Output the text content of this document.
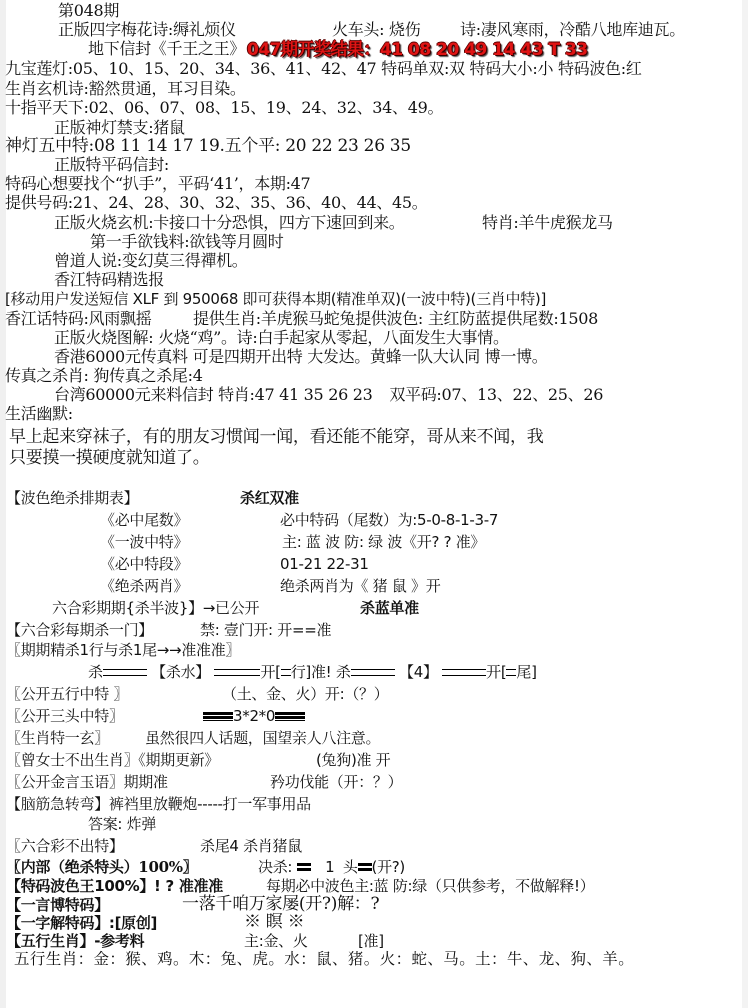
第048期
正版四字梅花诗:缛礼烦仪	火车头: 烧伤 诗:凄风寒雨，冷酷八地库迪瓦。
地下信封《千王之王》 047期开奖结果：41 08 20 49 14 43 T 33
九宝莲灯:05、10、15、20、34、36、41、42、47 特码单双:双 特码大小:小 特码波色:红
生肖玄机诗:豁然贯通，耳习目染。
十指平天下:02、06、07、08、15、19、24、32、34、49。
正版神灯禁支:猪鼠
神灯五中特:08 11 14 17 19.五个平: 20 22 23 26 35
正版特平码信封:
特码心想要找个“扒手”，平码‘41’，本期:47
提供号码:21、24、28、30、32、35、36、40、44、45。
正版火烧玄机:卡接口十分恐惧，四方下速回到来。	特肖:羊牛虎猴龙马
第一手欲钱料:欲钱等月圆时
曾道人说:变幻莫三得禪机。
香江特码精选报
[移动用户发送短信 XLF 到 950068 即可获得本期(精准单双)(一波中特)(三肖中特)]
香江话特码:风雨飘摇	提供生肖:羊虎猴马蛇兔提供波色: 主红防蓝提供尾数:1508
正版火烧图解: 火烧“鸡”。诗:白手起家从零起，八面发生大事情。
香港6000元传真料 可是四期开出特 大发达。黄蜂一队大认同 博一博。
传真之杀肖: 狗传真之杀尾:4
台湾60000元来料信封 特肖:47 41 35 26 23 双平码:07、13、22、25、26
生活幽默:
早上起来穿袜子，有的朋友习惯闻一闻，看还能不能穿，哥从来不闻，我
只要摸一摸硬度就知道了。
【波色绝杀排期表】	杀红双准
《必中尾数》	必中特码（尾数）为:5-0-8-1-3-7
《一波中特》	主: 蓝 波 防: 绿 波《开? ? 准》
《必中特段》	01-21 22-31
《绝杀两肖》	绝杀两肖为《 猪 鼠 》开
六合彩期期{杀半波}】→已公开	杀蓝单准
【六合彩每期杀一门】	禁: 壹门开: 开==准
〖期期精杀1行与杀1尾→→准准准〗
杀	【杀水】	开[ 行]准! 杀	【4】	开[ 尾]
〖公开五行中特 〗	（土、金、火）开:（？）
〖公开三头中特〗	3*2*0
〖生肖特一玄〗 虽然很四人话题，国望亲人八注意。
〖曾女士不出生肖〗《期期更新》	(兔狗)准 开
〖公开金言玉语〗期期准	矜功伐能（开：？）
【脑筋急转弯】裤裆里放鞭炮-----打一军事用品
答案: 炸弹
〖六合彩不出特】	杀尾4 杀肖猪鼠
〖内部（绝杀特头）100%〗	决杀: 1 头 (开?)
【特码波色王100%】! ? 准准准	每期必中波色主:蓝 防:绿（只供参考，不做解释!）
【一言博特码】	一落千咱万家屡(开?)解：?
【一字解特码】:[原创]	※ 瞑 ※
【五行生肖】-参考料	主:金、火	[准]
五行生肖：金：猴、鸡。木：兔、虎。水：鼠、猪。火：蛇、马。土：牛、龙、狗、羊。
